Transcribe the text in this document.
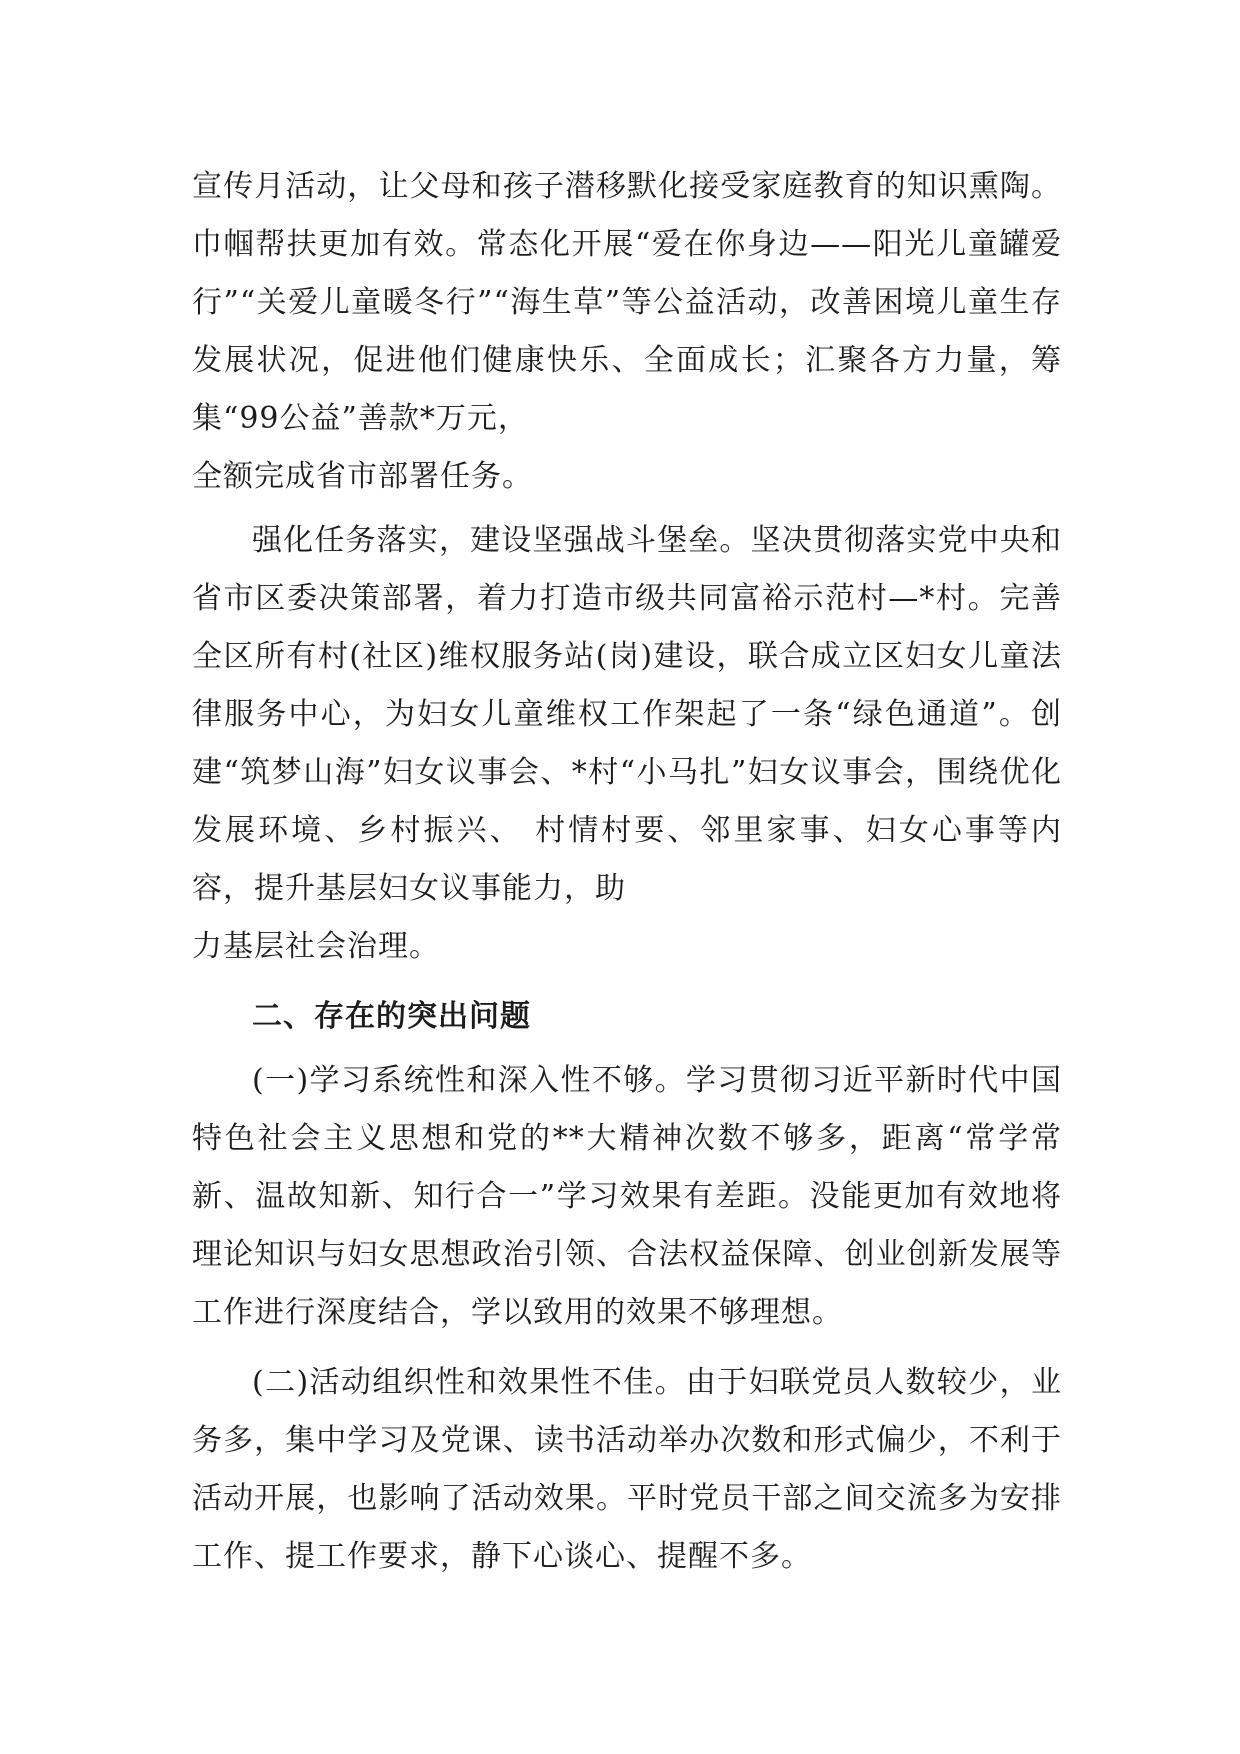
宣传月活动，让父母和孩子潜移默化接受家庭教育的知识熏陶。巾帼帮扶更加有效。常态化开展“爱在你身边——阳光儿童罐爱行”“关爱儿童暖冬行”“海生草”等公益活动，改善困境儿童生存发展状况，促进他们健康快乐、全面成长；汇聚各方力量，筹集“99公益”善款*万元，

全额完成省市部署任务。

强化任务落实，建设坚强战斗堡垒。坚决贯彻落实党中央和省市区委决策部署，着力打造市级共同富裕示范村—*村。完善全区所有村(社区)维权服务站(岗)建设，联合成立区妇女儿童法律服务中心，为妇女儿童维权工作架起了一条“绿色通道”。创建“筑梦山海”妇女议事会、*村“小马扎”妇女议事会，围绕优化发展环境、乡村振兴、 村情村要、邻里家事、妇女心事等内容，提升基层妇女议事能力，助

力基层社会治理。

二、存在的突出问题

(一)学习系统性和深入性不够。学习贯彻习近平新时代中国特色社会主义思想和党的**大精神次数不够多，距离“常学常新、温故知新、知行合一”学习效果有差距。没能更加有效地将理论知识与妇女思想政治引领、合法权益保障、创业创新发展等工作进行深度结合，学以致用的效果不够理想。

(二)活动组织性和效果性不佳。由于妇联党员人数较少，业务多，集中学习及党课、读书活动举办次数和形式偏少，不利于活动开展，也影响了活动效果。平时党员干部之间交流多为安排工作、提工作要求，静下心谈心、提醒不多。
